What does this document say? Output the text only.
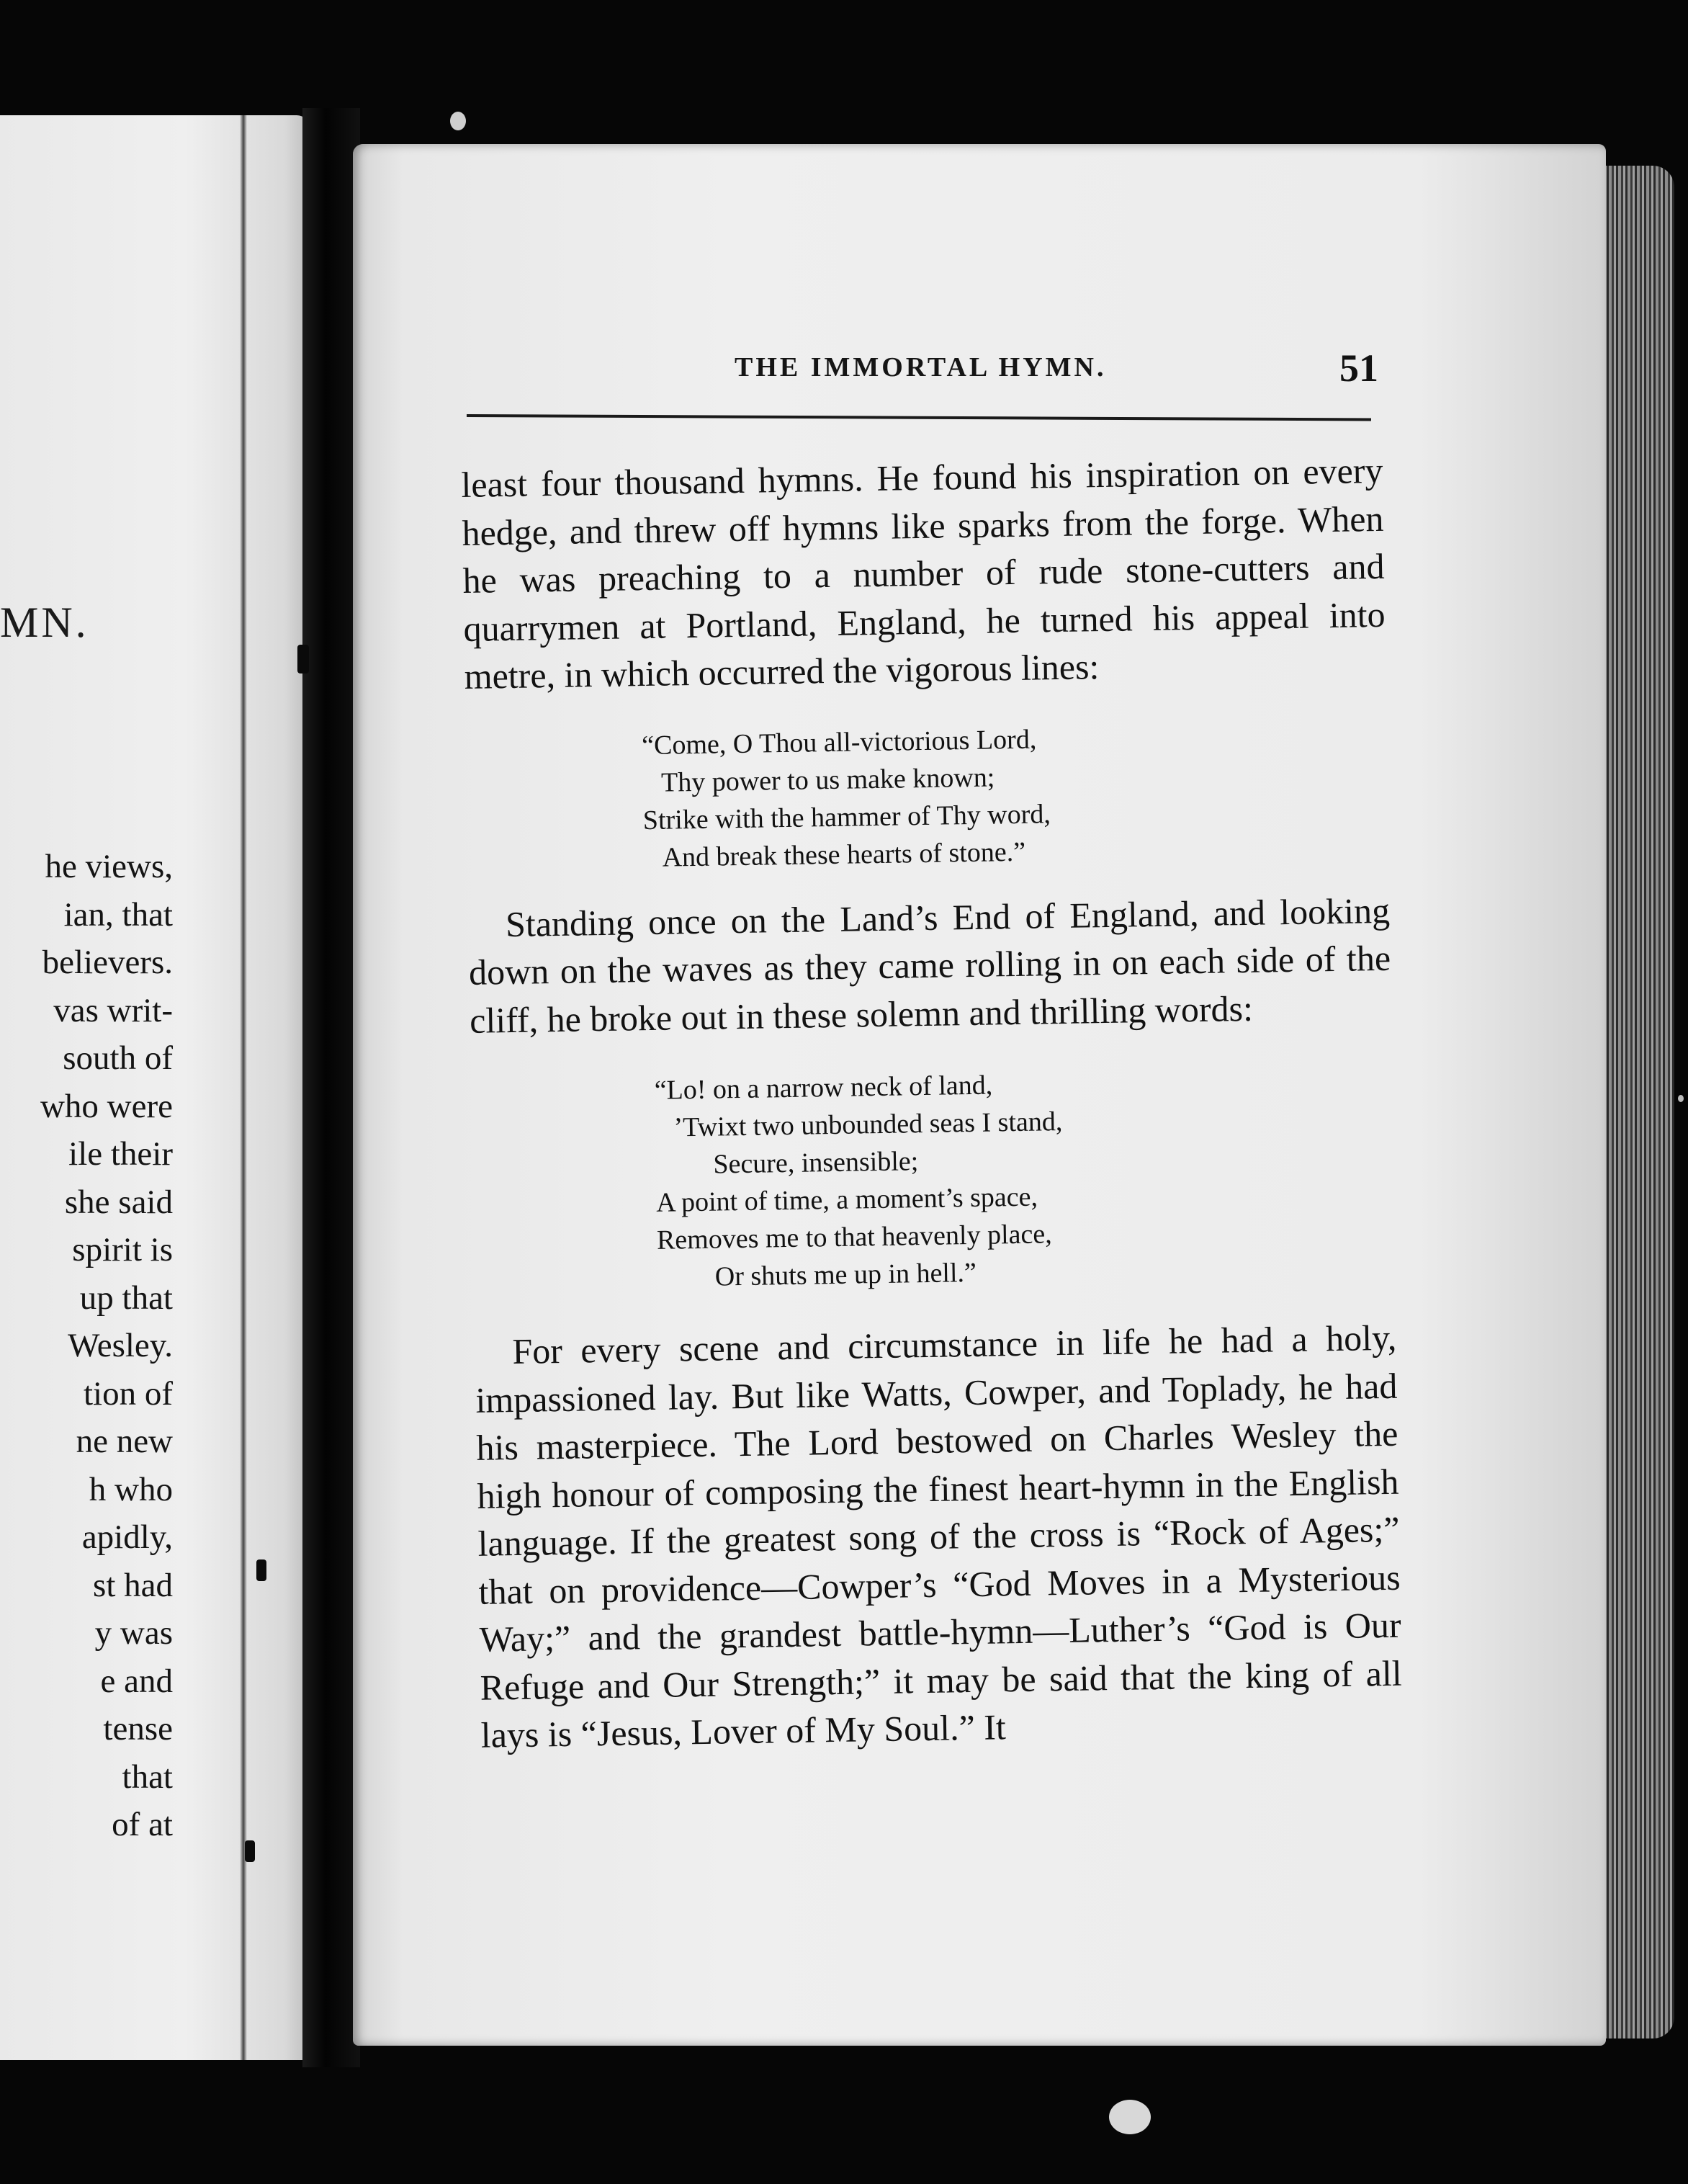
MN.
he views,
ian, that
believers.
vas writ-
south of
who were
ile their
she said
spirit is
up that
Wesley.
tion of
ne new
h who
apidly,
st had
y was
e and
tense
that
of at
THE IMMORTAL HYMN.	51

least four thousand hymns. He found his inspiration on every hedge, and threw off hymns like sparks from the forge. When he was preaching to a number of rude stone-cutters and quarrymen at Portland, England, he turned his appeal into metre, in which occurred the vigorous lines:

“Come, O Thou all-victorious Lord,
Thy power to us make known;
Strike with the hammer of Thy word,
And break these hearts of stone.”

Standing once on the Land’s End of England, and looking down on the waves as they came rolling in on each side of the cliff, he broke out in these solemn and thrilling words:

“Lo! on a narrow neck of land,
’Twixt two unbounded seas I stand,
Secure, insensible;
A point of time, a moment’s space,
Removes me to that heavenly place,
Or shuts me up in hell.”

For every scene and circumstance in life he had a holy, impassioned lay. But like Watts, Cowper, and Toplady, he had his masterpiece. The Lord bestowed on Charles Wesley the high honour of composing the finest heart-hymn in the English language. If the greatest song of the cross is “Rock of Ages;” that on providence—Cowper’s “God Moves in a Mysterious Way;” and the grandest battle-hymn—Luther’s “God is Our Refuge and Our Strength;” it may be said that the king of all lays is “Jesus, Lover of My Soul.” It
